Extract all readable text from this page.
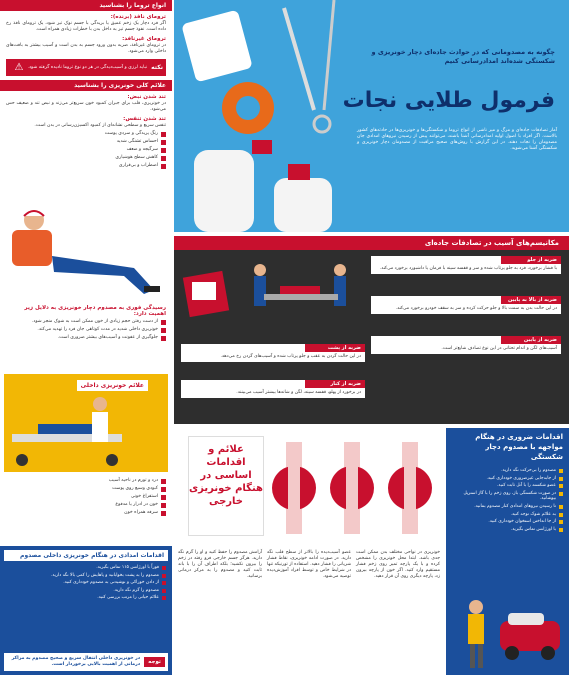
انواع تروما را بشناسید
ترومای نافذ (برنده):
اگر فرد دچار یک زخم عمیق یا بریدگی با جسم نوک تیز شود، یک ترومای نافذ رخ داده است. نفوذ جسم تیز به داخل بدن با خطرات زیادی همراه است.
ترومای غیرنافذ:
در ترومای غیرنافذ، ضربه بدون ورود جسم به بدن است و آسیب بیشتر به بافت‌های داخلی وارد می‌شود.
نکته
نباید لرزی و آسیب‌دیدگی در هر دو نوع تروما نادیده گرفته شود.
⚠
علائم کلی خونریزی را بشناسید
تند شدن نبض:
در خونریزی، قلب برای جبران کمبود خون سریع‌تر می‌زند و نبض تند و ضعیف حس می‌شود.
تند شدن تنفس:
تنفس سریع و سطحی نشانه‌ای از کمبود اکسیژن‌رسانی در بدن است.
رنگ پریدگی و سردی پوست
احساس تشنگی شدید
سرگیجه و ضعف
کاهش سطح هوشیاری
اضطراب و بی‌قراری
رسیدگی فوری به مصدوم دچار خونریزی به دلایل زیر اهمیت دارد:
از دست رفتن حجم زیادی از خون ممکن است به شوک منجر شود.
خونریزی داخلی شدید در مدت کوتاهی جان فرد را تهدید می‌کند.
جلوگیری از عفونت و آسیب‌های بیشتر ضروری است.
علائم خونریزی داخلی
درد و تورم در ناحیه آسیب
کبودی وسیع روی پوست
استفراغ خونی
خون در ادرار یا مدفوع
سرفه همراه خون
اقدامات امدادی در هنگام خونریزی داخلی مصدوم
فوراً با اورژانس ۱۱۵ تماس بگیرید.
مصدوم را به پشت بخوابانید و پاهایش را کمی بالا نگه دارید.
از دادن خوراکی و نوشیدنی به مصدوم خودداری کنید.
مصدوم را گرم نگه دارید.
علائم حیاتی را مرتب بررسی کنید.
توجه
در خونریزی داخلی انتقال سریع و صحیح مصدوم به مراکز درمانی از اهمیت بالایی برخوردار است.
چگونه به مصدومانی که در حوادث جاده‌ای دچار خونریزی و شکستگی شده‌اند امدادرسانی کنیم
فرمول طلایی نجات
آمار تصادفات جاده‌ای و مرگ و میر ناشی از انواع تروما و شکستگی‌ها و خونریزی‌ها در حادثه‌های کشور بالاست. اگر افراد با اصول اولیه امدادرسانی آشنا باشند، می‌توانند پیش از رسیدن نیروهای امدادی جان مصدومان را نجات دهند. در این گزارش با روش‌های صحیح مراقبت از مصدومان دچار خونریزی و شکستگی آشنا می‌شوید.
مکانیسم‌های آسیب در تصادفات جاده‌ای
ضربه از جلو
با فشار برخورد، فرد به جلو پرتاب شده و سر و قفسه سینه با فرمان یا داشبورد برخورد می‌کند.
ضربه از بالا به پایین
در این حالت بدن به سمت بالا و جلو حرکت کرده و سر به سقف خودرو برخورد می‌کند.
ضربه از پایین
آسیب‌های لگن و اندام تحتانی در این نوع تصادف شایع‌تر است.
ضربه از پشت
در این حالت گردن به عقب و جلو پرتاب شده و آسیب‌های گردن رخ می‌دهد.
ضربه از کنار
در برخورد از پهلو، قفسه سینه، لگن و شانه‌ها بیشتر آسیب می‌بینند.
علائم و اقدامات اساسی در هنگام خونریزی خارجی
اقدامات ضروری در هنگام مواجهه با مصدوم دچار شکستگی
مصدوم را بی‌حرکت نگه دارید.
از جابه‌جایی غیرضروری خودداری کنید.
عضو شکسته را با آتل ثابت کنید.
در صورت شکستگی باز، روی زخم را با گاز استریل بپوشانید.
تا رسیدن نیروهای امدادی کنار مصدوم بمانید.
به علائم شوک توجه کنید.
از جا انداختن استخوان خودداری کنید.
با اورژانس تماس بگیرید.
خونریزی در نواحی مختلف بدن ممکن است جدی باشد. ابتدا محل خونریزی را مشخص کرده و با یک پارچه تمیز روی زخم فشار مستقیم وارد کنید. اگر خون از پارچه بیرون زد، پارچه دیگری روی آن قرار دهید.
عضو آسیب‌دیده را بالاتر از سطح قلب نگه دارید. در صورت ادامه خونریزی، نقاط فشار شریانی را فشار دهید. استفاده از تورنیکه تنها در شرایط خاص و توسط افراد آموزش‌دیده توصیه می‌شود.
آرامش مصدوم را حفظ کنید و او را گرم نگه دارید. هرگز جسم خارجی فرو رفته در زخم را بیرون نکشید؛ بلکه اطراف آن را با باند ثابت کنید و مصدوم را به مرکز درمانی برسانید.
